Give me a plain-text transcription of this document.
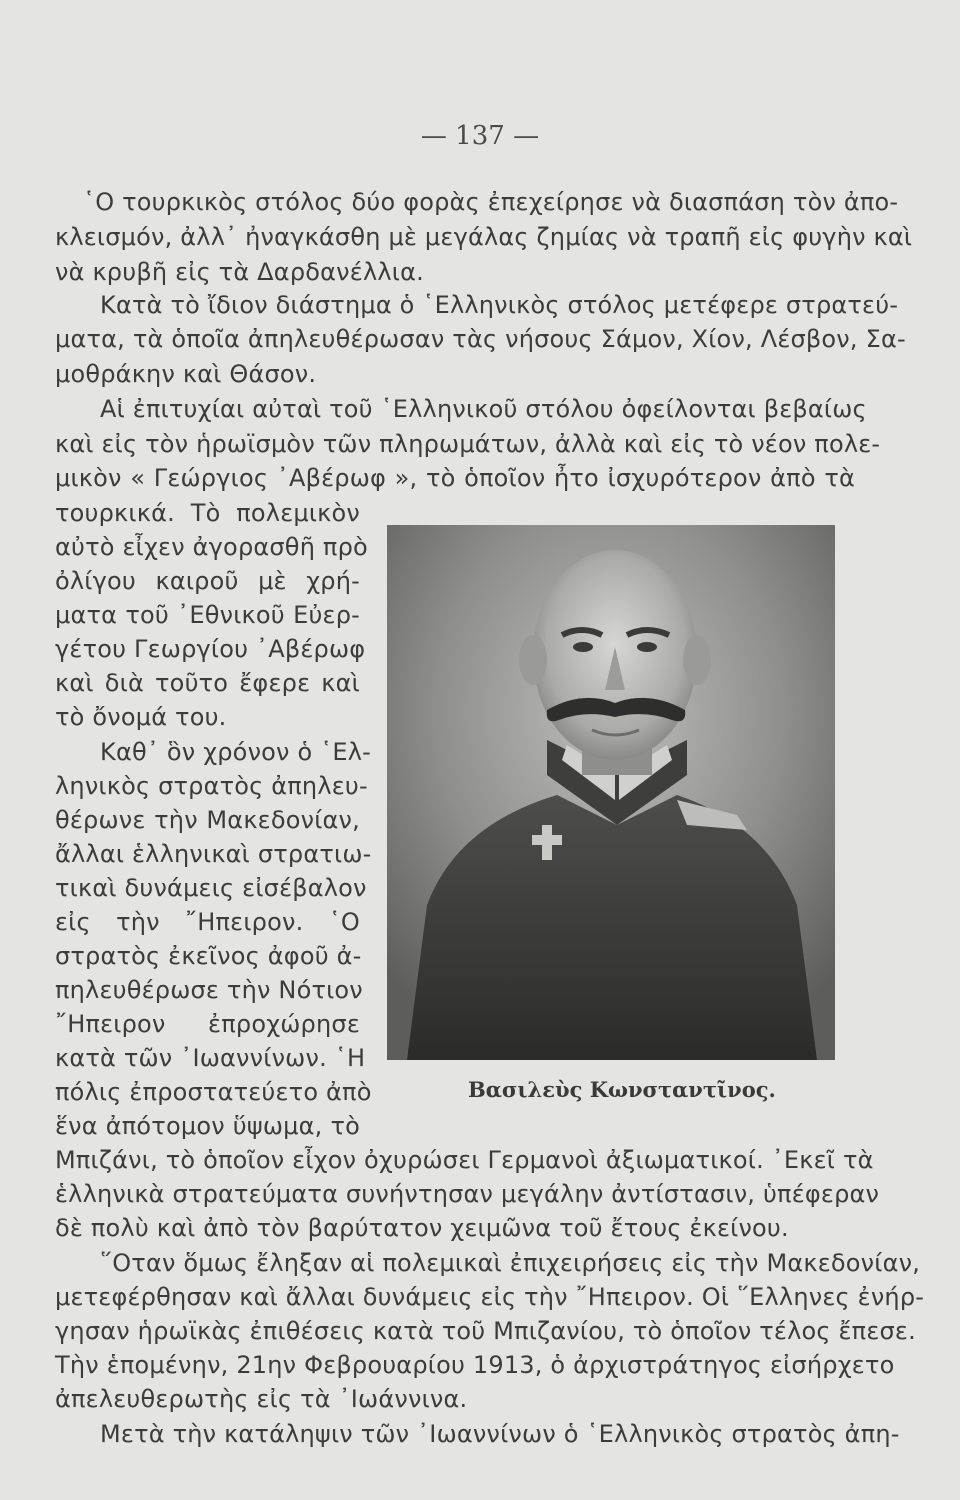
— 137 —
῾Ο τουρκικὸς στόλος δύο φορὰς ἐπεχείρησε νὰ διασπάση τὸν ἀπο-
κλεισμόν, ἀλλ᾽ ἠναγκάσθη μὲ μεγάλας ζημίας νὰ τραπῆ εἰς φυγὴν καὶ
νὰ κρυβῆ εἰς τὰ Δαρδανέλλια.
Κατὰ τὸ ἴδιον διάστημα ὁ ῾Ελληνικὸς στόλος μετέφερε στρατεύ-
ματα, τὰ ὁποῖα ἀπηλευθέρωσαν τὰς νήσους Σάμον, Χίον, Λέσβον, Σα-
μοθράκην καὶ Θάσον.
Αἱ ἐπιτυχίαι αὐταὶ τοῦ ῾Ελληνικοῦ στόλου ὀφείλονται βεβαίως
καὶ εἰς τὸν ἡρωϊσμὸν τῶν πληρωμάτων, ἀλλὰ καὶ εἰς τὸ νέον πολε-
μικὸν « Γεώργιος ᾽Αβέρωφ », τὸ ὁποῖον ἦτο ἰσχυρότερον ἀπὸ τὰ
τουρκικά. Τὸ πολεμικὸν
αὐτὸ εἶχεν ἀγορασθῆ πρὸ
ὀλίγου καιροῦ μὲ χρή-
ματα τοῦ ᾽Εθνικοῦ Εὐερ-
γέτου Γεωργίου ᾽Αβέρωφ
καὶ διὰ τοῦτο ἔφερε καὶ
τὸ ὄνομά του.
Καθ᾽ ὃν χρόνον ὁ ῾Ελ-
ληνικὸς στρατὸς ἀπηλευ-
θέρωνε τὴν Μακεδονίαν,
ἄλλαι ἑλληνικαὶ στρατιω-
τικαὶ δυνάμεις εἰσέβαλον
εἰς τὴν ῎Ηπειρον. ῾Ο
στρατὸς ἐκεῖνος ἀφοῦ ἀ-
πηλευθέρωσε τὴν Νότιον
῎Ηπειρον ἐπροχώρησε
κατὰ τῶν ᾽Ιωαννίνων. ῾Η
πόλις ἐπροστατεύετο ἀπὸ
ἕνα ἀπότομον ὕψωμα, τὸ
Μπιζάνι, τὸ ὁποῖον εἶχον ὀχυρώσει Γερμανοὶ ἀξιωματικοί. ᾽Εκεῖ τὰ
ἑλληνικὰ στρατεύματα συνήντησαν μεγάλην ἀντίστασιν, ὑπέφεραν
δὲ πολὺ καὶ ἀπὸ τὸν βαρύτατον χειμῶνα τοῦ ἔτους ἐκείνου.
῞Οταν ὅμως ἔληξαν αἱ πολεμικαὶ ἐπιχειρήσεις εἰς τὴν Μακεδονίαν,
μετεφέρθησαν καὶ ἄλλαι δυνάμεις εἰς τὴν ῎Ηπειρον. Οἱ ῞Ελληνες ἐνήρ-
γησαν ἡρωϊκὰς ἐπιθέσεις κατὰ τοῦ Μπιζανίου, τὸ ὁποῖον τέλος ἔπεσε.
Τὴν ἑπομένην, 21ην Φεβρουαρίου 1913, ὁ ἀρχιστράτηγος εἰσήρχετο
ἀπελευθερωτὴς εἰς τὰ ᾽Ιωάννινα.
Μετὰ τὴν κατάληψιν τῶν ᾽Ιωαννίνων ὁ ῾Ελληνικὸς στρατὸς ἀπη-
Βασιλεὺς Κωνσταντῖνος.
